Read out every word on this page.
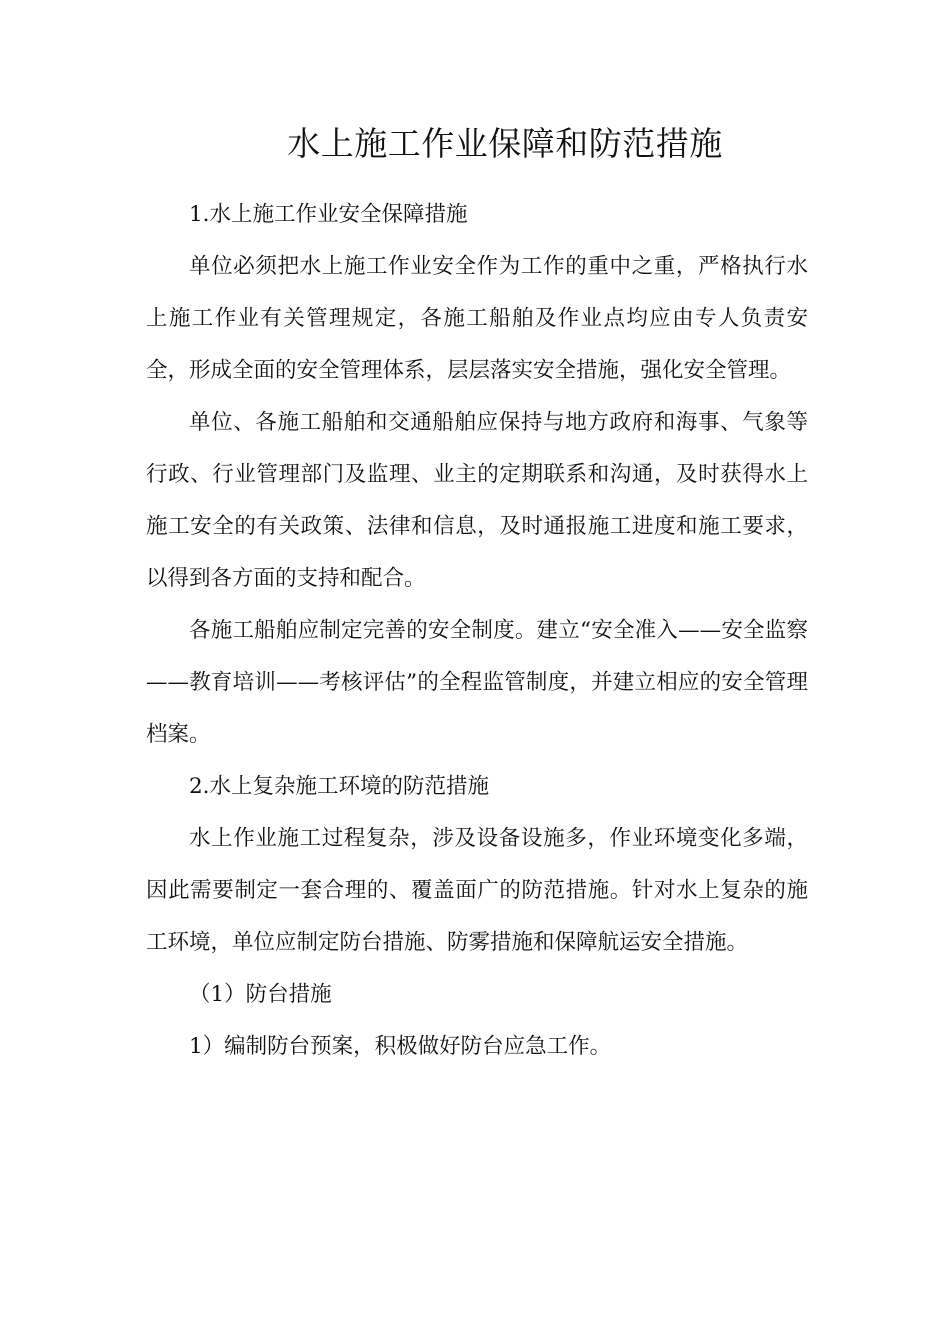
水上施工作业保障和防范措施

1.水上施工作业安全保障措施

单位必须把水上施工作业安全作为工作的重中之重，严格执行水上施工作业有关管理规定，各施工船舶及作业点均应由专人负责安全，形成全面的安全管理体系，层层落实安全措施，强化安全管理。

单位、各施工船舶和交通船舶应保持与地方政府和海事、气象等行政、行业管理部门及监理、业主的定期联系和沟通，及时获得水上施工安全的有关政策、法律和信息，及时通报施工进度和施工要求，以得到各方面的支持和配合。

各施工船舶应制定完善的安全制度。建立“安全准入——安全监察——教育培训——考核评估”的全程监管制度，并建立相应的安全管理档案。

2.水上复杂施工环境的防范措施

水上作业施工过程复杂，涉及设备设施多，作业环境变化多端，因此需要制定一套合理的、覆盖面广的防范措施。针对水上复杂的施工环境，单位应制定防台措施、防雾措施和保障航运安全措施。

（1）防台措施

1）编制防台预案，积极做好防台应急工作。
